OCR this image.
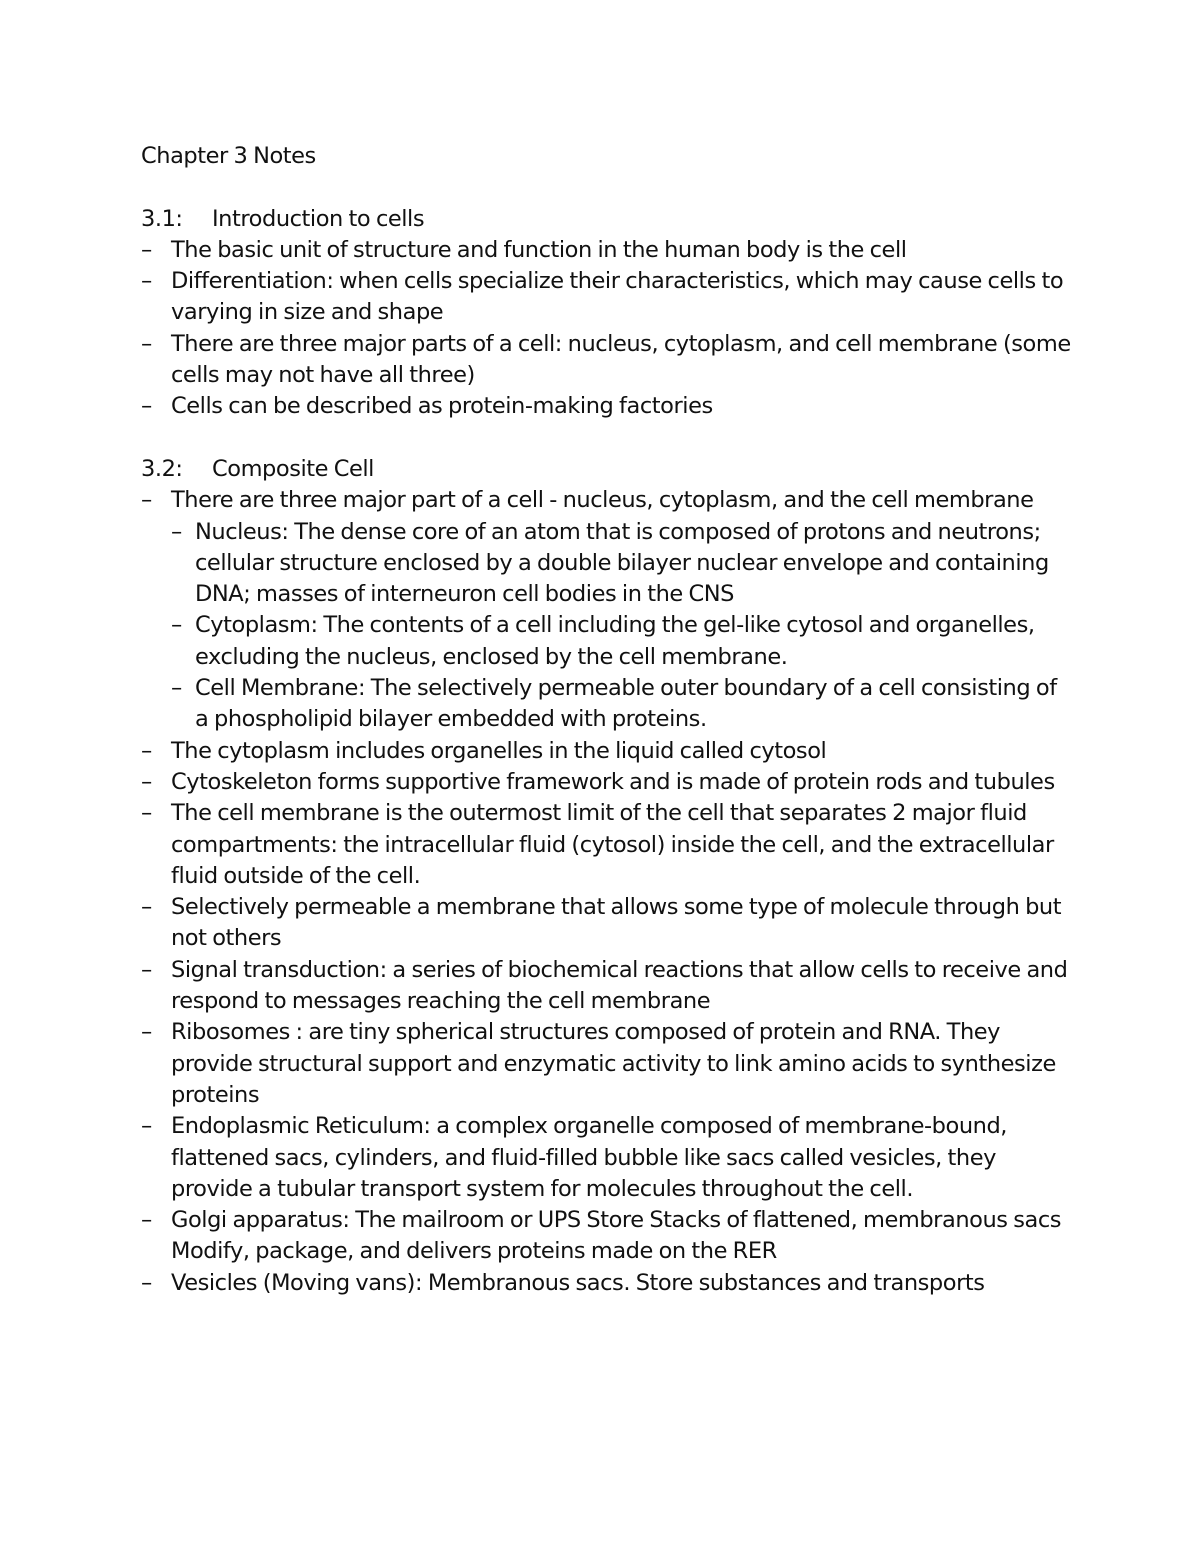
Chapter 3 Notes
3.1:	Introduction to cells
– The basic unit of structure and function in the human body is the cell
– Differentiation: when cells specialize their characteristics, which may cause cells to varying in size and shape
– There are three major parts of a cell: nucleus, cytoplasm, and cell membrane (some cells may not have all three)
– Cells can be described as protein-making factories
3.2:	Composite Cell
– There are three major part of a cell - nucleus, cytoplasm, and the cell membrane
– Nucleus: The dense core of an atom that is composed of protons and neutrons; cellular structure enclosed by a double bilayer nuclear envelope and containing DNA; masses of interneuron cell bodies in the CNS
– Cytoplasm: The contents of a cell including the gel-like cytosol and organelles, excluding the nucleus, enclosed by the cell membrane.
– Cell Membrane: The selectively permeable outer boundary of a cell consisting of a phospholipid bilayer embedded with proteins.
– The cytoplasm includes organelles in the liquid called cytosol
– Cytoskeleton forms supportive framework and is made of protein rods and tubules
– The cell membrane is the outermost limit of the cell that separates 2 major fluid compartments: the intracellular fluid (cytosol) inside the cell, and the extracellular fluid outside of the cell.
– Selectively permeable a membrane that allows some type of molecule through but not others
– Signal transduction: a series of biochemical reactions that allow cells to receive and respond to messages reaching the cell membrane
– Ribosomes : are tiny spherical structures composed of protein and RNA. They provide structural support and enzymatic activity to link amino acids to synthesize proteins
– Endoplasmic Reticulum: a complex organelle composed of membrane-bound, flattened sacs, cylinders, and fluid-filled bubble like sacs called vesicles, they provide a tubular transport system for molecules throughout the cell.
– Golgi apparatus: The mailroom or UPS Store Stacks of flattened, membranous sacs Modify, package, and delivers proteins made on the RER
– Vesicles (Moving vans): Membranous sacs. Store substances and transports
